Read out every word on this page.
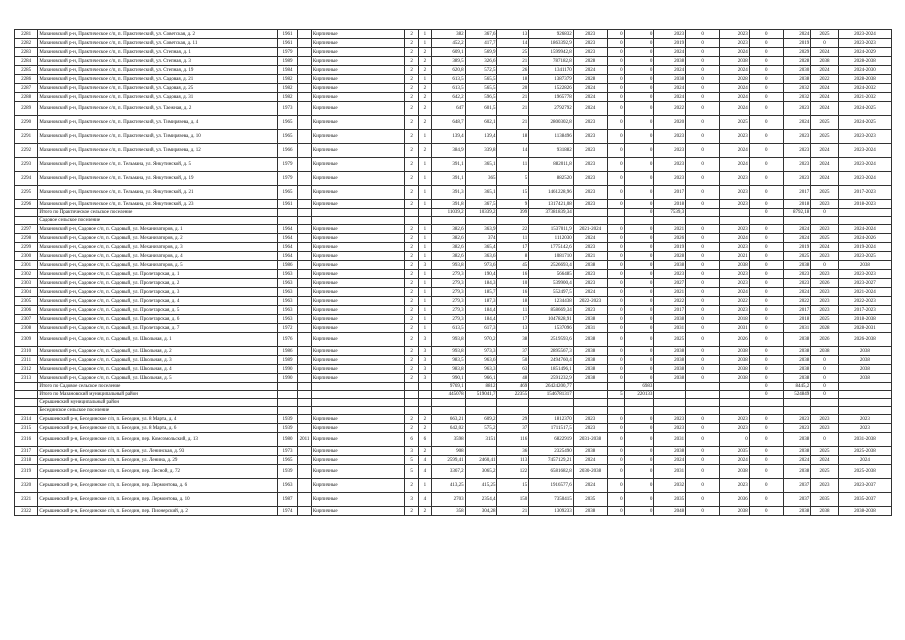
2281	Мазановский р-н, Практическое с/п, п. Практический, ул. Советская, д. 2	1961		Кирпичные	2	1	382	367,6	13	926832	2023	0	0	2023	0	2023	0	2024	2025	2023-2024
2282	Мазановский р-н, Практическое с/п, п. Практический, ул. Советская, д. 11	1961		Кирпичные	2	1	452,2	417,7	14	1863392,9	2023	0	0	2019	0	2023	0	2019	0	2023-2023
2283	Мазановский р-н, Практическое с/п, п. Практический, ул. Степная, д. 1	1979		Кирпичные	2	2	609,1	569,9	25	1599942,8	2023	0	0	2024	0	2024	0	2029	2024	2024-2029
2284	Мазановский р-н, Практическое с/п, п. Практический, ул. Степная, д. 3	1989		Кирпичные	2	2	389,5	326,6	21	787182,8	2028	0	0	2038	0	2038	0	2028	2038	2028-2038
2285	Мазановский р-н, Практическое с/п, п. Практический, ул. Степная, д. 19	1984		Кирпичные	2	2	620,8	572,5	26	1341170	2024	0	0	2024	0	2024	0	2030	2024	2024-2030
2286	Мазановский р-н, Практическое с/п, п. Практический, ул. Садовая, д. 21	1982		Кирпичные	2	1	613,5	565,5	18	1387379	2028	0	0	2038	0	2028	0	2038	2022	2028-2038
2287	Мазановский р-н, Практическое с/п, п. Практический, ул. Садовая, д. 25	1982		Кирпичные	2	2	613,5	565,5	20	1522826	2024	0	0	2024	0	2024	0	2032	2024	2024-2032
2288	Мазановский р-н, Практическое с/п, п. Практический, ул. Садовая, д. 31	1982		Кирпичные	2	2	642,2	596,5	21	1965778	2024	0	0	2024	0	2024	0	2032	2024	2021-2032
2289	Мазановский р-н, Практическое с/п, п. Практический, ул. Таежная, д. 2	1973		Кирпичные	2	2	647	601,5	21	2792792	2024	0	0	2022	0	2024	0	2023	2024	2024-2025
2290	Мазановский р-н, Практическое с/п, п. Практический, ул. Тимирязева, д. 4	1965		Кирпичные	2	2	648,7	602,1	21	2800302,8	2023	0	0	2020	0	2025	0	2024	2025	2024-2025
2291	Мазановский р-н, Практическое с/п, п. Практический, ул. Тимирязева, д. 10	1965		Кирпичные	2	1	139,4	139,4	18	1138496	2023	0	0	2023	0	2023	0	2023	2025	2023-2023
2292	Мазановский р-н, Практическое с/п, п. Практический, ул. Тимирязева, д. 12	1966		Кирпичные	2	2	384,9	339,8	14	931882	2023	0	0	2023	0	2024	0	2023	2024	2023-2024
2293	Мазановский р-н, Практическое с/п, п. Тельмана, ул. Янкутинской, д. 5	1979		Кирпичные	2	1	391,1	365,1	11	882011,8	2023	0	0	2023	0	2024	0	2023	2024	2023-2024
2294	Мазановский р-н, Практическое с/п, п. Тельмана, ул. Янкутинской, д. 19	1979		Кирпичные	2	1	391,1	365	5	882520	2023	0	0	2023	0	2023	0	2023	2024	2023-2024
2295	Мазановский р-н, Практическое с/п, п. Тельмана, ул. Янкутинской, д. 21	1965		Кирпичные	2	1	391,3	365,1	15	1461228,96	2023	0	0	2017	0	2023	0	2017	2025	2017-2023
2296	Мазановский р-н, Практическое с/п, п. Тельмана, ул. Янкутинской, д. 23	1961		Кирпичные	2	1	391,8	367,5	9	1317421,08	2023	0	0	2018	0	2023	0	2018	2023	2018-2023
	Итого по Практическое сельское поселение						11039,2	10339,2	399	37381839,34			0	7539,3			0	8792,18	0	
	Садовое сельское поселение																			
2297	Мазановский р-н, Садовое с/п, п. Садовый, ул. Механизаторов, д. 1	1964		Кирпичные	2	1	382,6	363,9	22	1537011,9	2021-2024	0	0	2021	0	2023	0	2024	2023	2024-2024
2298	Мазановский р-н, Садовое с/п, п. Садовый, ул. Механизаторов, д. 2	1964		Кирпичные	2	1	382,6	374	11	1112030	2024	0	0	2026	0	2024	0	2024	2025	2024-2026
2299	Мазановский р-н, Садовое с/п, п. Садовый, ул. Механизаторов, д. 3	1964		Кирпичные	2	1	382,6	365,4	17	1775142,6	2023	0	0	2019	0	2023	0	2019	2024	2019-2024
2300	Мазановский р-н, Садовое с/п, п. Садовый, ул. Механизаторов, д. 4	1964		Кирпичные	2	1	382,6	363,6	8	1081710	2021	0	0	2028	0	2021	0	2025	2023	2023-2025
2301	Мазановский р-н, Садовое с/п, п. Садовый, ул. Механизаторов, д. 5	1986		Кирпичные	2	3	993,8	973,6	45	2526693,4	2038	0	0	2038	0	2038	0	2038	0	2038
2302	Мазановский р-н, Садовое с/п, п. Садовый, ул. Пролетарская, д. 1	1963		Кирпичные	2	1	279,3	190,4	16	566485	2023	0	0	2023	0	2023	0	2023	2023	2023-2023
2303	Мазановский р-н, Садовое с/п, п. Садовый, ул. Пролетарская, д. 2	1963		Кирпичные	2	1	279,3	184,3	10	539900,4	2023	0	0	2027	0	2023	0	2023	2026	2023-2027
2304	Мазановский р-н, Садовое с/п, п. Садовый, ул. Пролетарская, д. 3	1963		Кирпичные	2	1	279,3	185,7	16	552497,5	2024	0	0	2021	0	2024	0	2024	2023	2021-2024
2305	Мазановский р-н, Садовое с/п, п. Садовый, ул. Пролетарская, д. 4	1963		Кирпичные	2	1	279,3	187,3	18	1234438	2022-2023	0	0	2022	0	2022	0	2022	2023	2022-2023
2306	Мазановский р-н, Садовое с/п, п. Садовый, ул. Пролетарская, д. 5	1963		Кирпичные	2	1	279,3	184,4	11	858669,34	2023	0	0	2017	0	2023	0	2017	2023	2017-2023
2307	Мазановский р-н, Садовое с/п, п. Садовый, ул. Пролетарская, д. 6	1963		Кирпичные	2	1	279,3	184,4	17	1047828,91	2038	0	0	2038	0	2018	0	2018	2025	2018-2038
2308	Мазановский р-н, Садовое с/п, п. Садовый, ул. Пролетарская, д. 7	1972		Кирпичные	2	1	613,5	617,3	13	1537096	2031	0	0	2031	0	2031	0	2031	2028	2028-2031
2309	Мазановский р-н, Садовое с/п, п. Садовый, ул. Школьная, д. 1	1976		Кирпичные	2	3	993,8	970,2	38	2519593,6	2038	0	0	2025	0	2026	0	2038	2026	2026-2038
2310	Мазановский р-н, Садовое с/п, п. Садовый, ул. Школьная, д. 2	1986		Кирпичные	2	3	993,8	973,3	37	2895567,3	2038	0	0	2038	0	2038	0	2038	2038	2038
2311	Мазановский р-н, Садовое с/п, п. Садовый, ул. Школьная, д. 3	1989		Кирпичные	2	3	983,5	963,6	50	2494760,4	2038	0	0	2038	0	2038	0	2038	0	2038
2312	Мазановский р-н, Садовое с/п, п. Садовый, ул. Школьная, д. 4	1990		Кирпичные	2	3	983,8	963,3	63	1851496,1	2038	0	0	2038	0	2038	0	2038	0	2038
2313	Мазановский р-н, Садовое с/п, п. Садовый, ул. Школьная, д. 5	1990		Кирпичные	2	3	990,1	966,1	48	2591232,9	2038	0	0	2038	0	2038	0	2038	0	2038
	Итого по Садовое сельское поселение						9769,1	8812	469	26424200,77			6983				0	8445,2	0	
	Итого по Мазановский муниципальный район						445078	519041,7	22355	1546781317		5	220133				0	524849	0	
	Серышевский муниципальный район																			
	Бесединское сельское поселение																			
2314	Серышевский р-н, Бесединское с/п, п. Беседин, ул. 8 Марта, д. 4	1939		Кирпичные	2	2	663,21	609,2	29	1812370	2023	0	0	2023	0	2023	0	2023	2023	2023
2315	Серышевский р-н, Бесединское с/п, п. Беседин, ул. 8 Марта, д. 6	1939		Кирпичные	2	2	642,02	575,2	37	1711517,5	2023	0	0	2023	0	2023	0	2023	2023	2023
2316	Серышевский р-н, Бесединское с/п, п. Беседин, пер. Комсомольский, д. 13	1980	2011	Кирпичные	6	6	3598	3151	116	6822919	2031-2038	0	0	2031	0	0	0	2038	0	2031-2038
2317	Серышевский р-н, Бесединское с/п, п. Беседин, ул. Ленинская, д. 93	1973		Кирпичные	3	2	908		36	2325490	2038	0	0	2038	0	2035	0	2038	2025	2025-2038
2318	Серышевский р-н, Бесединское с/п, п. Беседин, ул. Ленина, д. 29	1965		Кирпичные	5	4	2599,41	2460,41	113	7457129,21	2024	0	0	2024	0	2024	0	2024	2024	2024
2319	Серышевский р-н, Бесединское с/п, п. Беседин, пер. Лесной, д. 72	1939		Кирпичные	5	4	3367,2	3065,2	122	6581682,8	2030-2038	0	0	2031	0	2038	0	2038	2025	2025-2038
2320	Серышевский р-н, Бесединское с/п, п. Беседин, пер. Лермонтова, д. 6	1963		Кирпичные	2	1	413,25	415,25	15	1916577,6	2024	0	0	2032	0	2023	0	2037	2023	2023-2037
2321	Серышевский р-н, Бесединское с/п, п. Беседин, пер. Лермонтова, д. 10	1987		Кирпичные	3	4	2703	2354,4	150	7350415	2035	0	0	2035	0	2036	0	2037	2035	2035-2037
2322	Серышевский р-н, Бесединское с/п, п. Беседин, пер. Пионерский, д. 2	1974		Кирпичные	2	2	358	304,28	21	1309233	2038	0	0	2048	0	2038	0	2038	2038	2038-2038
